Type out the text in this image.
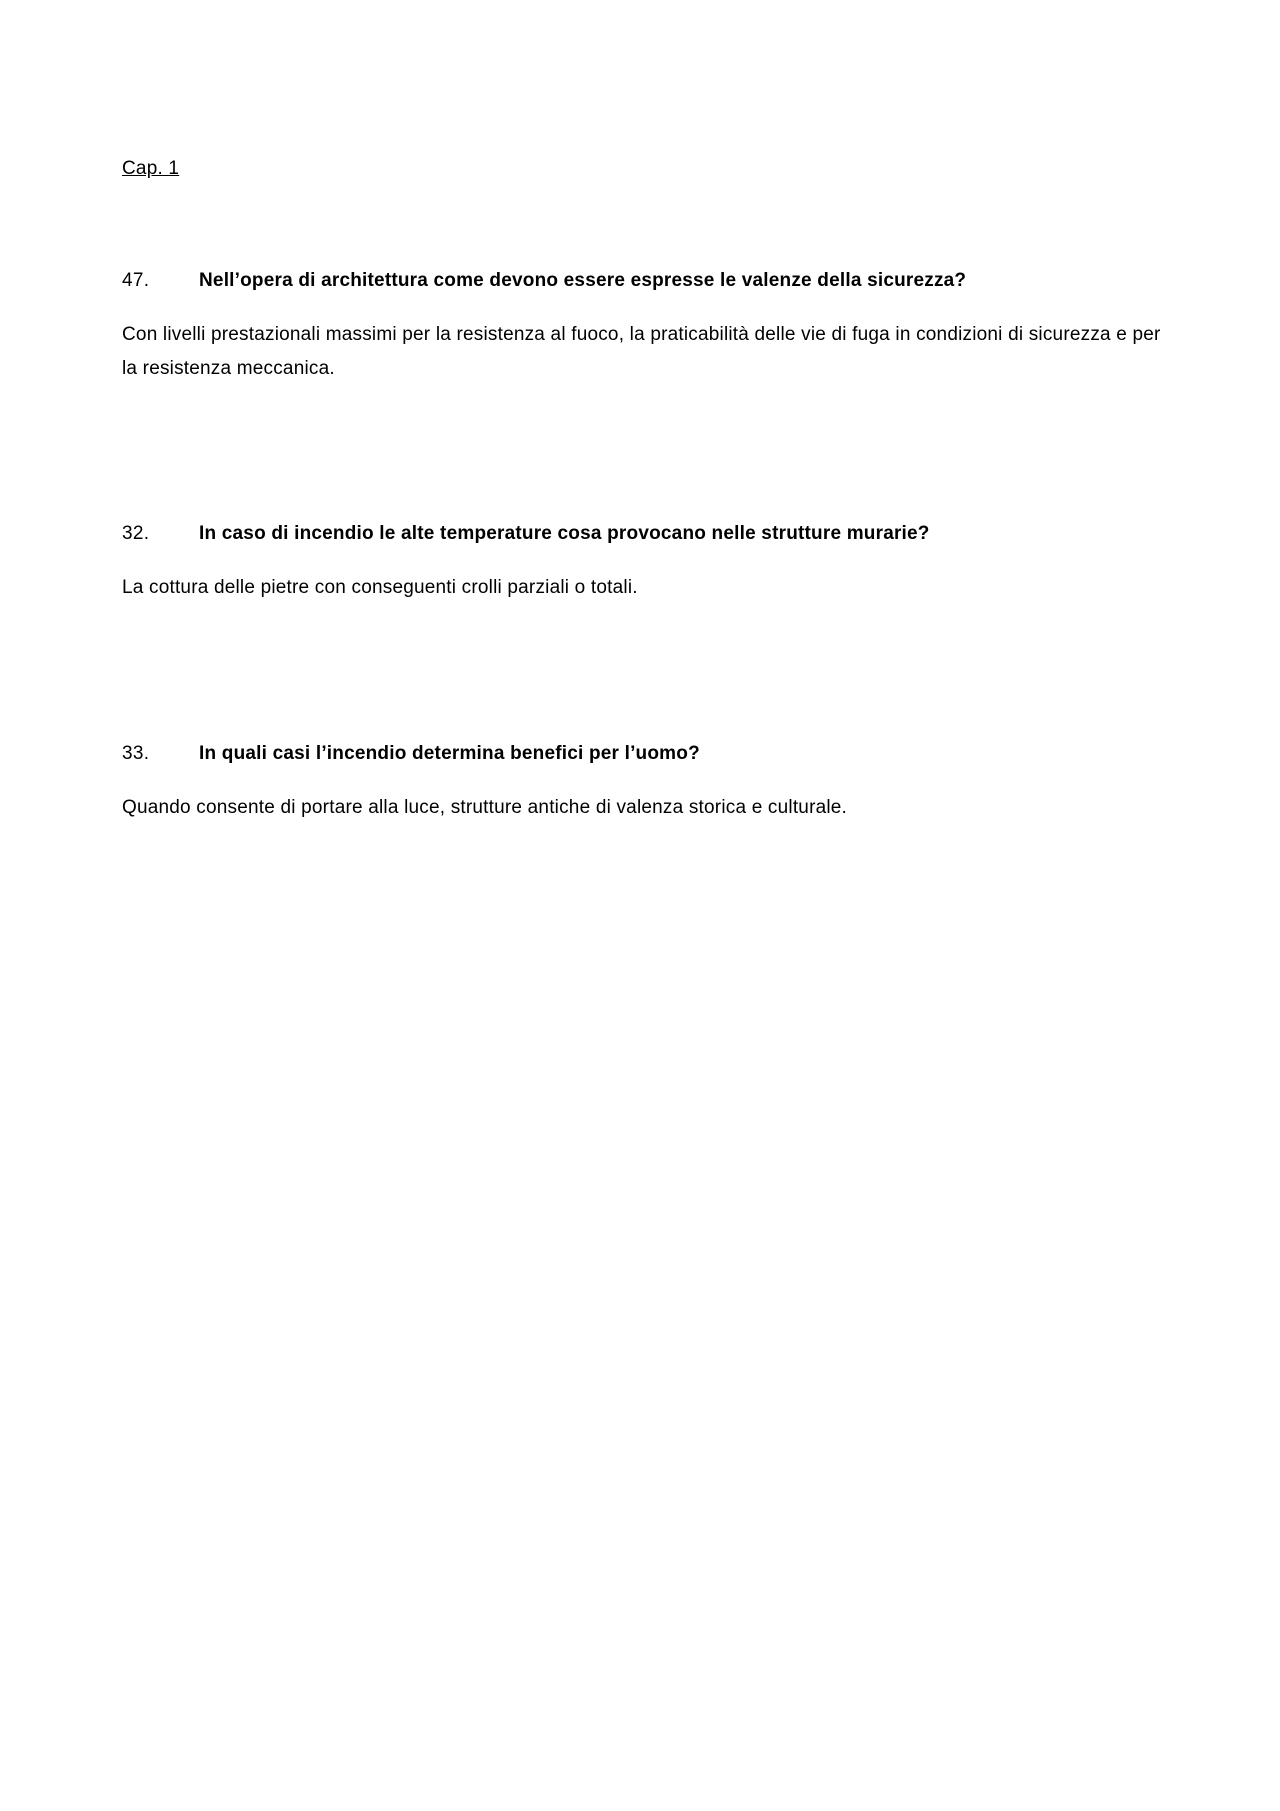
Cap. 1
47.	Nell’opera di architettura come devono essere espresse le valenze della sicurezza?
Con livelli prestazionali massimi per la resistenza al fuoco, la praticabilità delle vie di fuga in condizioni di sicurezza e per la resistenza meccanica.
32.	In caso di incendio le alte temperature cosa provocano nelle strutture murarie?
La cottura delle pietre con conseguenti crolli parziali o totali.
33.	In quali casi l’incendio determina benefici per l’uomo?
Quando consente di portare alla luce, strutture antiche di valenza storica e culturale.
